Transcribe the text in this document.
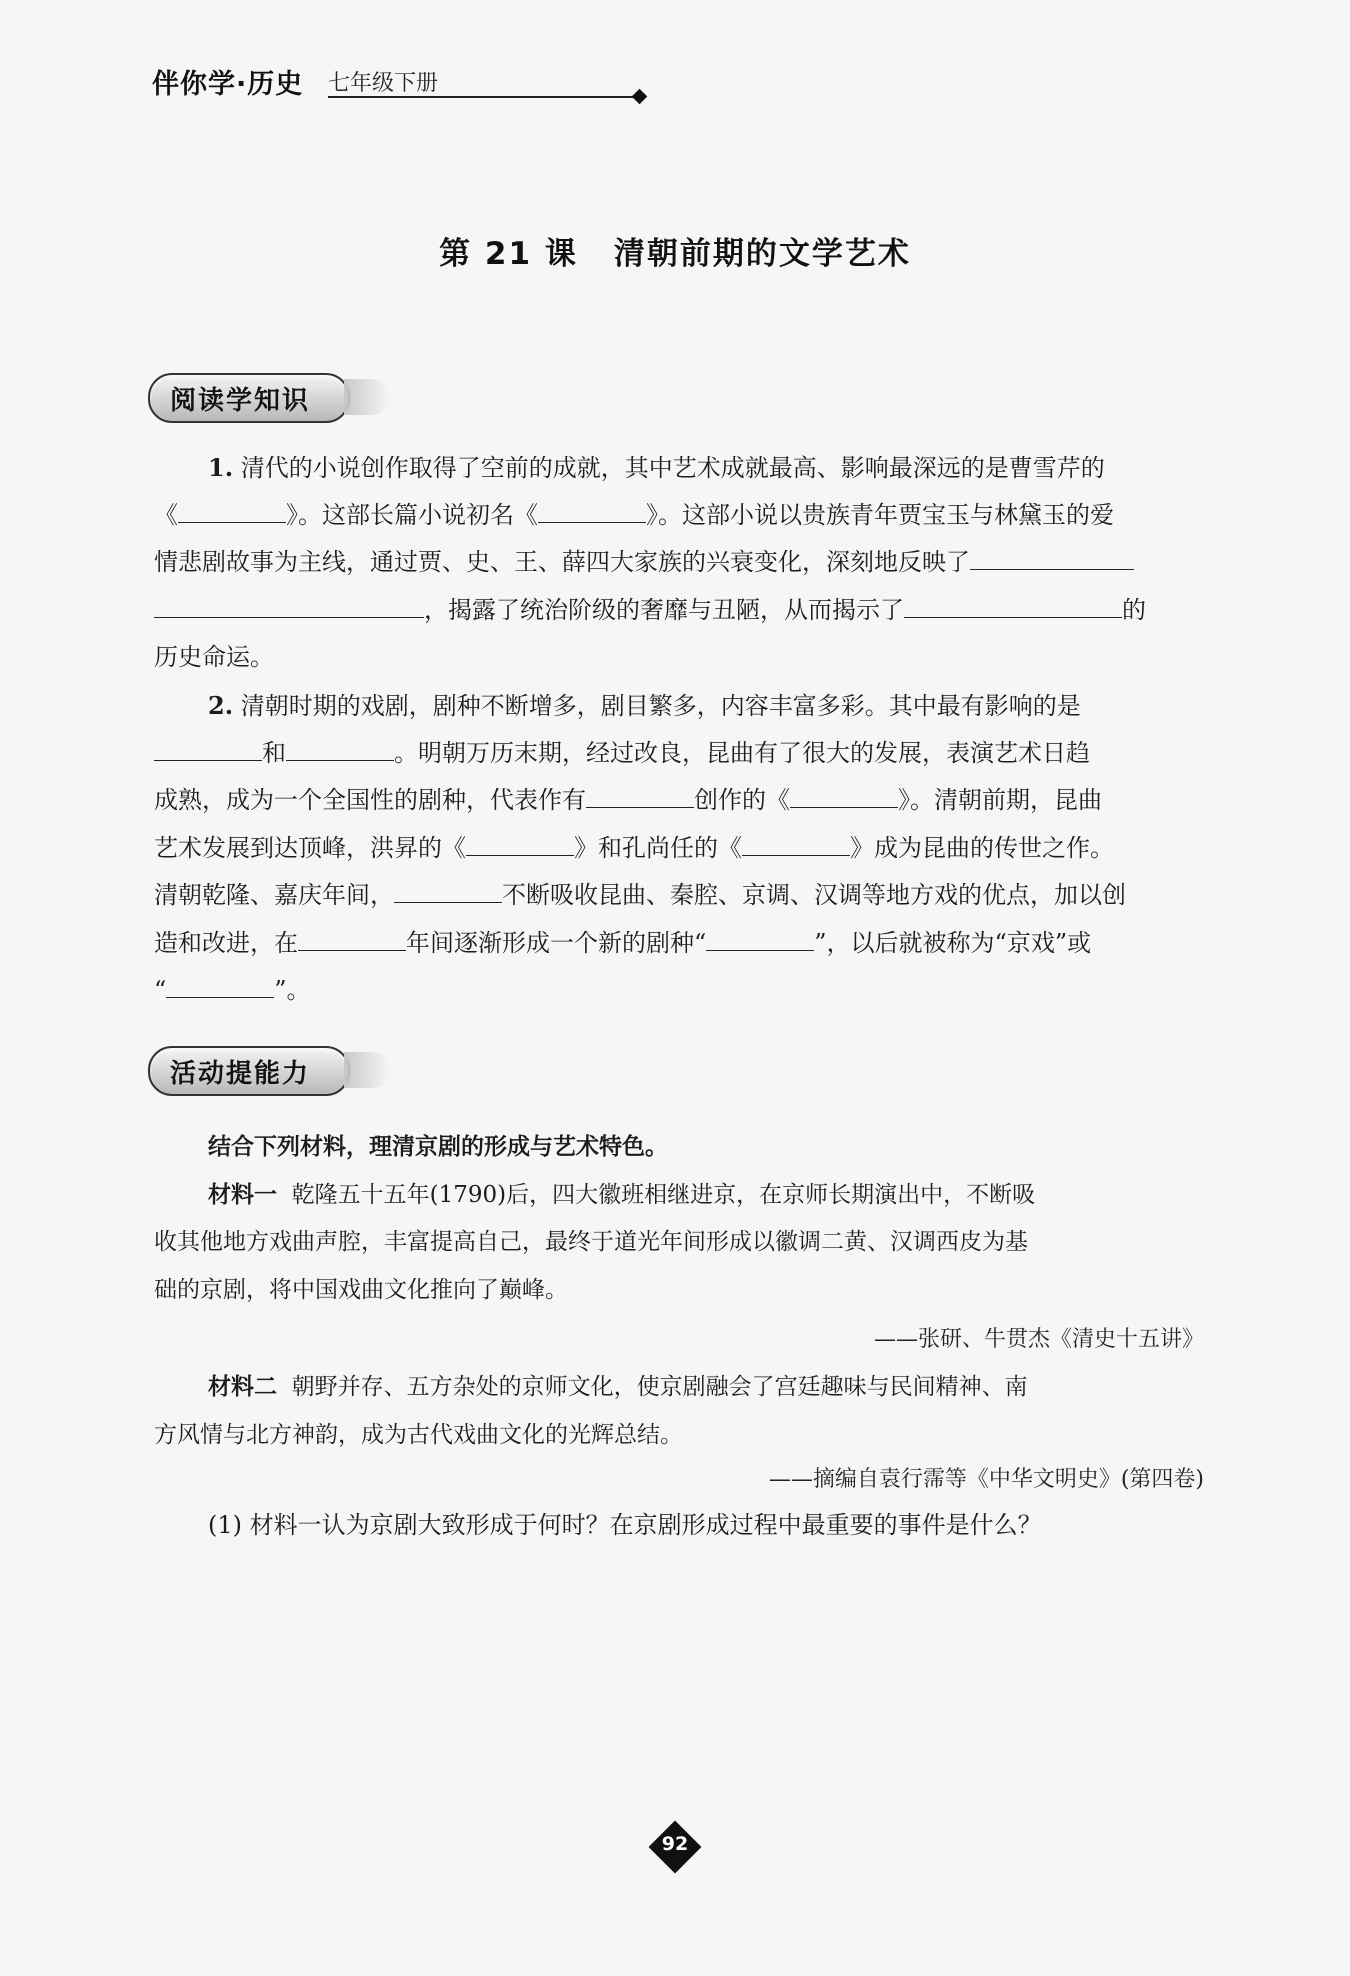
伴你学·历史 七年级下册
第 21 课 清朝前期的文学艺术
阅读学知识
1. 清代的小说创作取得了空前的成就，其中艺术成就最高、影响最深远的是曹雪芹的
《	》。这部长篇小说初名《	》。这部小说以贵族青年贾宝玉与林黛玉的爱
情悲剧故事为主线，通过贾、史、王、薛四大家族的兴衰变化，深刻地反映了
，揭露了统治阶级的奢靡与丑陋，从而揭示了	的
历史命运。
2. 清朝时期的戏剧，剧种不断增多，剧目繁多，内容丰富多彩。其中最有影响的是
和	。明朝万历末期，经过改良，昆曲有了很大的发展，表演艺术日趋
成熟，成为一个全国性的剧种，代表作有	创作的《	》。清朝前期，昆曲
艺术发展到达顶峰，洪昇的《	》和孔尚任的《	》成为昆曲的传世之作。
清朝乾隆、嘉庆年间，	不断吸收昆曲、秦腔、京调、汉调等地方戏的优点，加以创
造和改进，在	年间逐渐形成一个新的剧种“	”，以后就被称为“京戏”或
“	”。
活动提能力
结合下列材料，理清京剧的形成与艺术特色。
材料一 乾隆五十五年(1790)后，四大徽班相继进京，在京师长期演出中，不断吸
收其他地方戏曲声腔，丰富提高自己，最终于道光年间形成以徽调二黄、汉调西皮为基
础的京剧，将中国戏曲文化推向了巅峰。
——张研、牛贯杰《清史十五讲》
材料二 朝野并存、五方杂处的京师文化，使京剧融会了宫廷趣味与民间精神、南
方风情与北方神韵，成为古代戏曲文化的光辉总结。
——摘编自袁行霈等《中华文明史》(第四卷)
(1) 材料一认为京剧大致形成于何时？在京剧形成过程中最重要的事件是什么？
92
